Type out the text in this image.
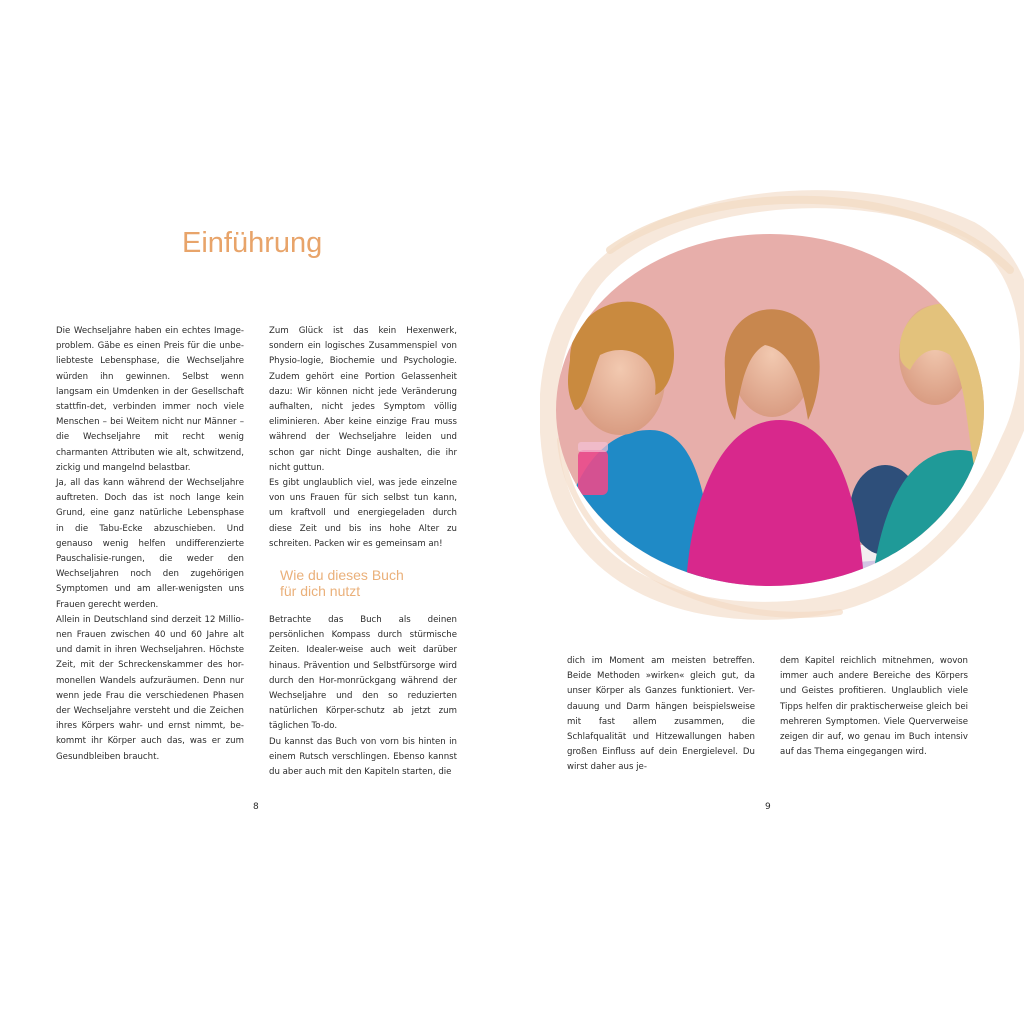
Einführung

Die Wechseljahre haben ein echtes Image-problem. Gäbe es einen Preis für die unbe-liebteste Lebensphase, die Wechseljahre würden ihn gewinnen. Selbst wenn langsam ein Umdenken in der Gesellschaft stattfin-det, verbinden immer noch viele Menschen – bei Weitem nicht nur Männer – die Wechseljahre mit recht wenig charmanten Attributen wie alt, schwitzend, zickig und mangelnd belastbar.

Ja, all das kann während der Wechseljahre auftreten. Doch das ist noch lange kein Grund, eine ganz natürliche Lebensphase in die Tabu-Ecke abzuschieben. Und genauso wenig helfen undifferenzierte Pauschalisie-rungen, die weder den Wechseljahren noch den zugehörigen Symptomen und am aller-wenigsten uns Frauen gerecht werden.

Allein in Deutschland sind derzeit 12 Millio-nen Frauen zwischen 40 und 60 Jahre alt und damit in ihren Wechseljahren. Höchste Zeit, mit der Schreckenskammer des hor-monellen Wandels aufzuräumen. Denn nur wenn jede Frau die verschiedenen Phasen der Wechseljahre versteht und die Zeichen ihres Körpers wahr- und ernst nimmt, be-kommt ihr Körper auch das, was er zum Gesundbleiben braucht.

Zum Glück ist das kein Hexenwerk, sondern ein logisches Zusammenspiel von Physio-logie, Biochemie und Psychologie. Zudem gehört eine Portion Gelassenheit dazu: Wir können nicht jede Veränderung aufhalten, nicht jedes Symptom völlig eliminieren. Aber keine einzige Frau muss während der Wechseljahre leiden und schon gar nicht Dinge aushalten, die ihr nicht guttun.

Es gibt unglaublich viel, was jede einzelne von uns Frauen für sich selbst tun kann, um kraftvoll und energiegeladen durch diese Zeit und bis ins hohe Alter zu schreiten. Packen wir es gemeinsam an!

Wie du dieses Buch
für dich nutzt

Betrachte das Buch als deinen persönlichen Kompass durch stürmische Zeiten. Idealer-weise auch weit darüber hinaus. Prävention und Selbstfürsorge wird durch den Hor-monrückgang während der Wechseljahre und den so reduzierten natürlichen Körper-schutz ab jetzt zum täglichen To-do.

Du kannst das Buch von vorn bis hinten in einem Rutsch verschlingen. Ebenso kannst du aber auch mit den Kapiteln starten, die

dich im Moment am meisten betreffen. Beide Methoden »wirken« gleich gut, da unser Körper als Ganzes funktioniert. Ver-dauung und Darm hängen beispielsweise mit fast allem zusammen, die Schlafqualität und Hitzewallungen haben großen Einfluss auf dein Energielevel. Du wirst daher aus je-

dem Kapitel reichlich mitnehmen, wovon immer auch andere Bereiche des Körpers und Geistes profitieren. Unglaublich viele Tipps helfen dir praktischerweise gleich bei mehreren Symptomen. Viele Querverweise zeigen dir auf, wo genau im Buch intensiv auf das Thema eingegangen wird.

8	9
